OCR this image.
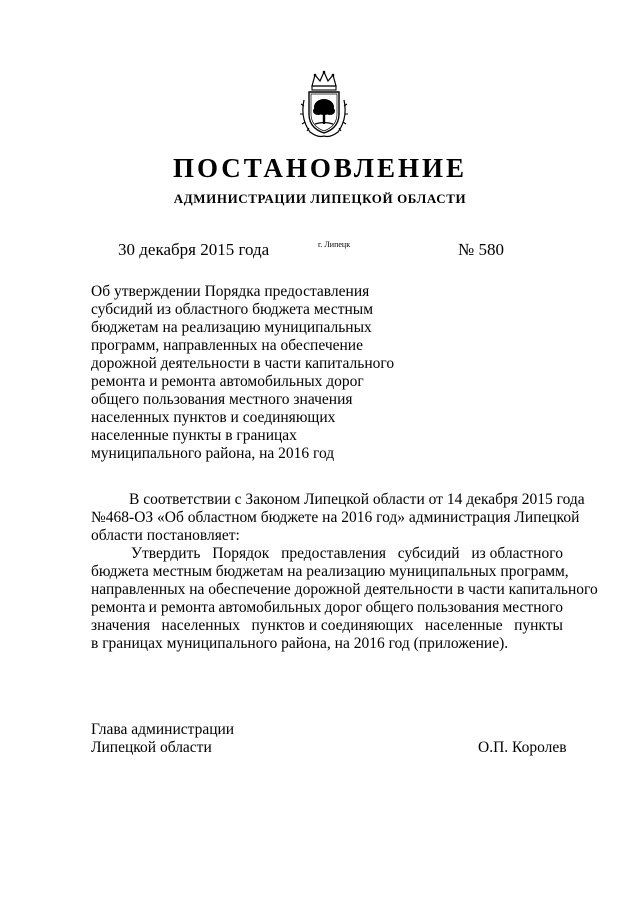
ПОСТАНОВЛЕНИЕ
АДМИНИСТРАЦИИ ЛИПЕЦКОЙ ОБЛАСТИ
30 декабря 2015 года	г. Липецк	№ 580
Об утверждении Порядка предоставления
субсидий из областного бюджета местным
бюджетам на реализацию муниципальных
программ, направленных на обеспечение
дорожной деятельности в части капитального
ремонта и ремонта автомобильных дорог
общего пользования местного значения
населенных пунктов и соединяющих
населенные пункты в границах
муниципального района, на 2016 год
В соответствии с Законом Липецкой области от 14 декабря 2015 года
№468-ОЗ «Об областном бюджете на 2016 год» администрация Липецкой
области постановляет:
Утвердить Порядок предоставления субсидий из областного
бюджета местным бюджетам на реализацию муниципальных программ,
направленных на обеспечение дорожной деятельности в части капитального
ремонта и ремонта автомобильных дорог общего пользования местного
значения населенных пунктов и соединяющих населенные пункты
в границах муниципального района, на 2016 год (приложение).
Глава администрации
Липецкой области	О.П. Королев
